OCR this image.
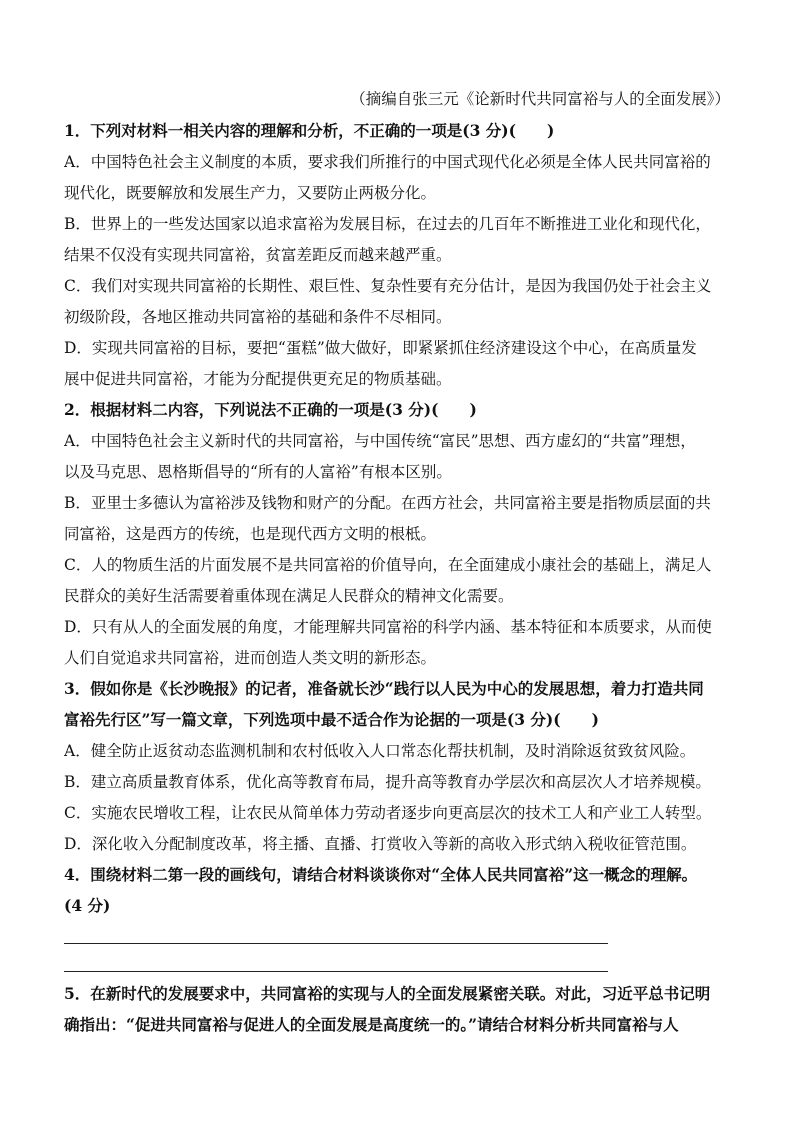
（摘编自张三元《论新时代共同富裕与人的全面发展》）
1．下列对材料一相关内容的理解和分析，不正确的一项是(3 分)(　　)
A．中国特色社会主义制度的本质，要求我们所推行的中国式现代化必须是全体人民共同富裕的
现代化，既要解放和发展生产力，又要防止两极分化。
B．世界上的一些发达国家以追求富裕为发展目标，在过去的几百年不断推进工业化和现代化，
结果不仅没有实现共同富裕，贫富差距反而越来越严重。
C．我们对实现共同富裕的长期性、艰巨性、复杂性要有充分估计，是因为我国仍处于社会主义
初级阶段，各地区推动共同富裕的基础和条件不尽相同。
D．实现共同富裕的目标，要把“蛋糕”做大做好，即紧紧抓住经济建设这个中心，在高质量发
展中促进共同富裕，才能为分配提供更充足的物质基础。
2．根据材料二内容，下列说法不正确的一项是(3 分)(　　)
A．中国特色社会主义新时代的共同富裕，与中国传统“富民”思想、西方虚幻的“共富”理想，
以及马克思、恩格斯倡导的“所有的人富裕”有根本区别。
B．亚里士多德认为富裕涉及钱物和财产的分配。在西方社会，共同富裕主要是指物质层面的共
同富裕，这是西方的传统，也是现代西方文明的根柢。
C．人的物质生活的片面发展不是共同富裕的价值导向，在全面建成小康社会的基础上，满足人
民群众的美好生活需要着重体现在满足人民群众的精神文化需要。
D．只有从人的全面发展的角度，才能理解共同富裕的科学内涵、基本特征和本质要求，从而使
人们自觉追求共同富裕，进而创造人类文明的新形态。
3．假如你是《长沙晚报》的记者，准备就长沙“践行以人民为中心的发展思想，着力打造共同
富裕先行区”写一篇文章，下列选项中最不适合作为论据的一项是(3 分)(　　)
A．健全防止返贫动态监测机制和农村低收入人口常态化帮扶机制，及时消除返贫致贫风险。
B．建立高质量教育体系，优化高等教育布局，提升高等教育办学层次和高层次人才培养规模。
C．实施农民增收工程，让农民从简单体力劳动者逐步向更高层次的技术工人和产业工人转型。
D．深化收入分配制度改革，将主播、直播、打赏收入等新的高收入形式纳入税收征管范围。
4．围绕材料二第一段的画线句，请结合材料谈谈你对“全体人民共同富裕”这一概念的理解。
(4 分)
5．在新时代的发展要求中，共同富裕的实现与人的全面发展紧密关联。对此，习近平总书记明
确指出：“促进共同富裕与促进人的全面发展是高度统一的。”请结合材料分析共同富裕与人
